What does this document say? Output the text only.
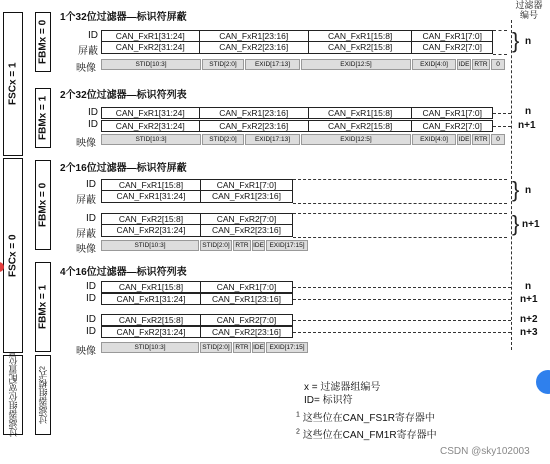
过滤器
编号
FSCx = 1
FSCx = 0
FBMx = 0
FBMx = 1
FBMx = 0
FBMx = 1
过滤器组位宽配置位
1
过滤器组模式
2
1个32位过滤器—标识符屏蔽
ID
屏蔽
映像
CAN_FxR1[31:24]	CAN_FxR1[23:16]	CAN_FxR1[15:8]	CAN_FxR1[7:0]
CAN_FxR2[31:24]	CAN_FxR2[23:16]	CAN_FxR2[15:8]	CAN_FxR2[7:0]
STID[10:3]	STID[2:0]	EXID[17:13]	EXID[12:5]	EXID[4:0]	IDE RTR	0
} n
2个32位过滤器—标识符列表
ID
ID
映像
CAN_FxR1[31:24]	CAN_FxR1[23:16]	CAN_FxR1[15:8]	CAN_FxR1[7:0]
CAN_FxR2[31:24]	CAN_FxR2[23:16]	CAN_FxR2[15:8]	CAN_FxR2[7:0]
STID[10:3]	STID[2:0]	EXID[17:13]	EXID[12:5]	EXID[4:0]	IDE RTR	0
n
n+1
2个16位过滤器—标识符屏蔽
ID
屏蔽
ID
屏蔽
映像
CAN_FxR1[15:8]	CAN_FxR1[7:0]
CAN_FxR1[31:24]	CAN_FxR1[23:16]
CAN_FxR2[15:8]	CAN_FxR2[7:0]
CAN_FxR2[31:24]	CAN_FxR2[23:16]
STID[10:3]	STID[2:0] RTR IDE EXID[17:15]
}
}
n
n+1
4个16位过滤器—标识符列表
ID
ID
ID
ID
映像
CAN_FxR1[15:8]	CAN_FxR1[7:0]
CAN_FxR1[31:24]	CAN_FxR1[23:16]
CAN_FxR2[15:8]	CAN_FxR2[7:0]
CAN_FxR2[31:24]	CAN_FxR2[23:16]
STID[10:3]	STID[2:0] RTR IDE EXID[17:15]
n
n+1
n+2
n+3
x = 过滤器组编号
ID= 标识符
$^1$ 这些位在CAN_FS1R寄存器中
$^2$ 这些位在CAN_FM1R寄存器中
CSDN @sky102003
